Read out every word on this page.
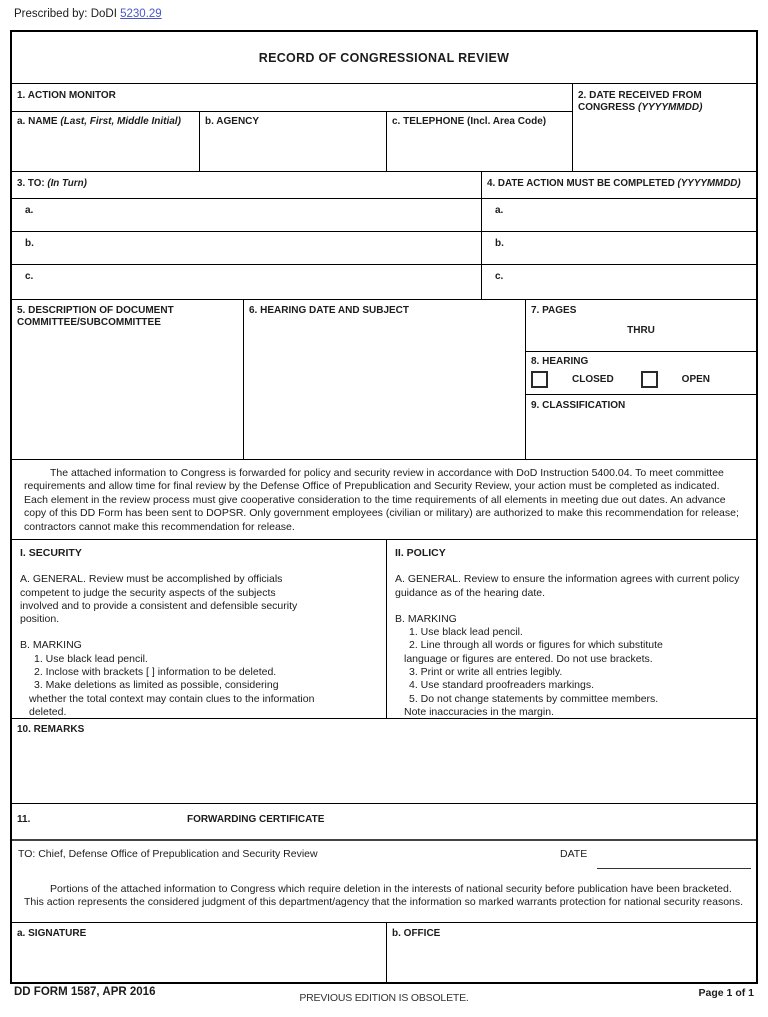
Prescribed by: DoDI 5230.29
RECORD OF CONGRESSIONAL REVIEW
1. ACTION MONITOR
a. NAME (Last, First, Middle Initial)	b. AGENCY	c. TELEPHONE (Incl. Area Code)
2. DATE RECEIVED FROM CONGRESS (YYYYMMDD)
3. TO: (In Turn)
a.
b.
c.
4. DATE ACTION MUST BE COMPLETED (YYYYMMDD)
a.
b.
c.
5. DESCRIPTION OF DOCUMENT COMMITTEE/SUBCOMMITTEE
6. HEARING DATE AND SUBJECT	7. PAGES
THRU
8. HEARING
CLOSED	OPEN
9. CLASSIFICATION

The attached information to Congress is forwarded for policy and security review in accordance with DoD Instruction 5400.04. To meet committee requirements and allow time for final review by the Defense Office of Prepublication and Security Review, your action must be completed as indicated. Each element in the review process must give cooperative consideration to the time requirements of all elements in meeting due out dates. An advance copy of this DD Form has been sent to DOPSR. Only government employees (civilian or military) are authorized to make this recommendation for release; contractors cannot make this recommendation for release.

I. SECURITY
A. GENERAL. Review must be accomplished by officials
competent to judge the security aspects of the subjects
involved and to provide a consistent and defensible security
position.
B. MARKING
1. Use black lead pencil.
2. Inclose with brackets [ ] information to be deleted.
3. Make deletions as limited as possible, considering
whether the total context may contain clues to the information
deleted.
II. POLICY
A. GENERAL. Review to ensure the information agrees with current policy
guidance as of the hearing date.
B. MARKING
1. Use black lead pencil.
2. Line through all words or figures for which substitute
language or figures are entered. Do not use brackets.
3. Print or write all entries legibly.
4. Use standard proofreaders markings.
5. Do not change statements by committee members.
Note inaccuracies in the margin.
10. REMARKS
11.	FORWARDING CERTIFICATE
TO: Chief, Defense Office of Prepublication and Security Review	DATE

Portions of the attached information to Congress which require deletion in the interests of national security before publication have been bracketed. This action represents the considered judgment of this department/agency that the information so marked warrants protection for national security reasons.

a. SIGNATURE	b. OFFICE
DD FORM 1587, APR 2016	PREVIOUS EDITION IS OBSOLETE.	Page 1 of 1
